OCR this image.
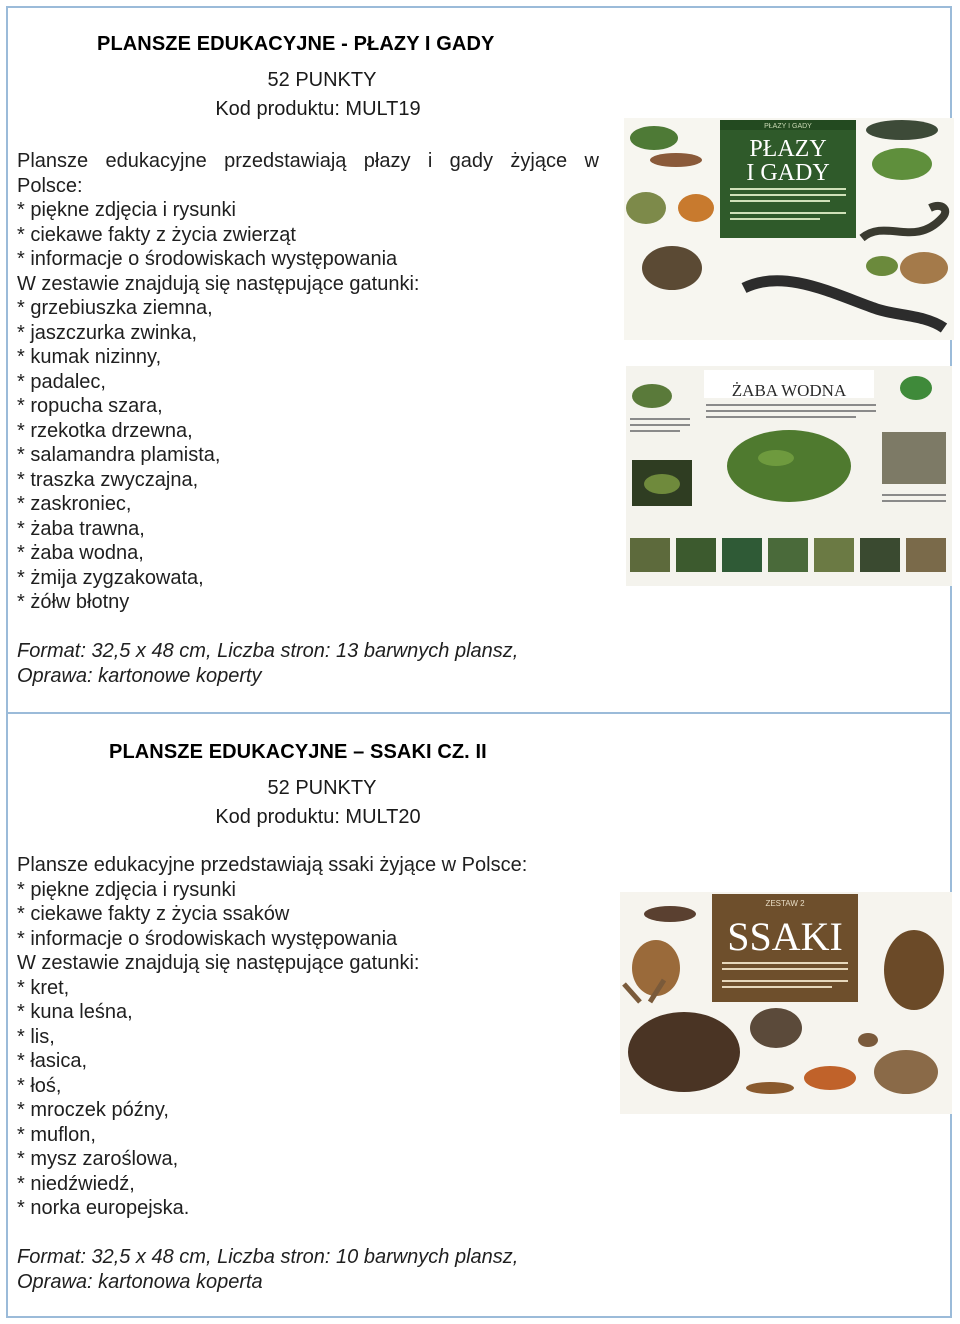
PLANSZE EDUKACYJNE - PŁAZY I GADY
52 PUNKTY
Kod produktu: MULT19
Plansze edukacyjne przedstawiają płazy i gady żyjące w
Polsce:
* piękne zdjęcia i rysunki
* ciekawe fakty z życia zwierząt
* informacje o środowiskach występowania
W zestawie znajdują się następujące gatunki:
* grzebiuszka ziemna,
* jaszczurka zwinka,
* kumak nizinny,
* padalec,
* ropucha szara,
* rzekotka drzewna,
* salamandra plamista,
* traszka zwyczajna,
* zaskroniec,
* żaba trawna,
* żaba wodna,
* żmija zygzakowata,
* żółw błotny
Format: 32,5 x 48 cm, Liczba stron: 13 barwnych plansz,
Oprawa: kartonowe koperty
PŁAZY I GADY
PŁAZY
I GADY
ŻABA WODNA
PLANSZE EDUKACYJNE – SSAKI CZ. II
52 PUNKTY
Kod produktu: MULT20
Plansze edukacyjne przedstawiają ssaki żyjące w Polsce:
* piękne zdjęcia i rysunki
* ciekawe fakty z życia ssaków
* informacje o środowiskach występowania
W zestawie znajdują się następujące gatunki:
* kret,
* kuna leśna,
* lis,
* łasica,
* łoś,
* mroczek późny,
* muflon,
* mysz zaroślowa,
* niedźwiedź,
* norka europejska.
Format: 32,5 x 48 cm, Liczba stron: 10 barwnych plansz,
Oprawa: kartonowa koperta
ZESTAW 2
SSAKI
